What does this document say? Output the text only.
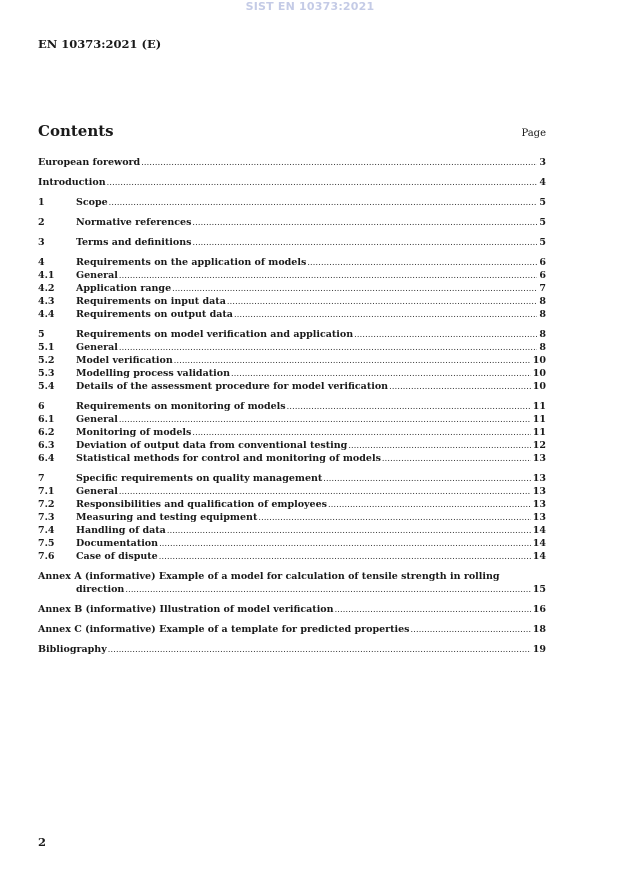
SIST EN 10373:2021
EN 10373:2021 (E)
Contents	Page
European foreword .....	3
Introduction .....	4
1	Scope .....	5
2	Normative references .....	5
3	Terms and definitions .....	5
4	Requirements on the application of models .....	6
4.1	General .....	6
4.2	Application range .....	7
4.3	Requirements on input data .....	8
4.4	Requirements on output data .....	8
5	Requirements on model verification and application .....	8
5.1	General .....	8
5.2	Model verification .....	10
5.3	Modelling process validation .....	10
5.4	Details of the assessment procedure for model verification .....	10
6	Requirements on monitoring of models .....	11
6.1	General .....	11
6.2	Monitoring of models .....	11
6.3	Deviation of output data from conventional testing .....	12
6.4	Statistical methods for control and monitoring of models .....	13
7	Specific requirements on quality management .....	13
7.1	General .....	13
7.2	Responsibilities and qualification of employees .....	13
7.3	Measuring and testing equipment .....	13
7.4	Handling of data .....	14
7.5	Documentation .....	14
7.6	Case of dispute .....	14
Annex A (informative) Example of a model for calculation of tensile strength in rolling
direction .....	15
Annex B (informative) Illustration of model verification .....	16
Annex C (informative) Example of a template for predicted properties .....	18
Bibliography .....	19
2
